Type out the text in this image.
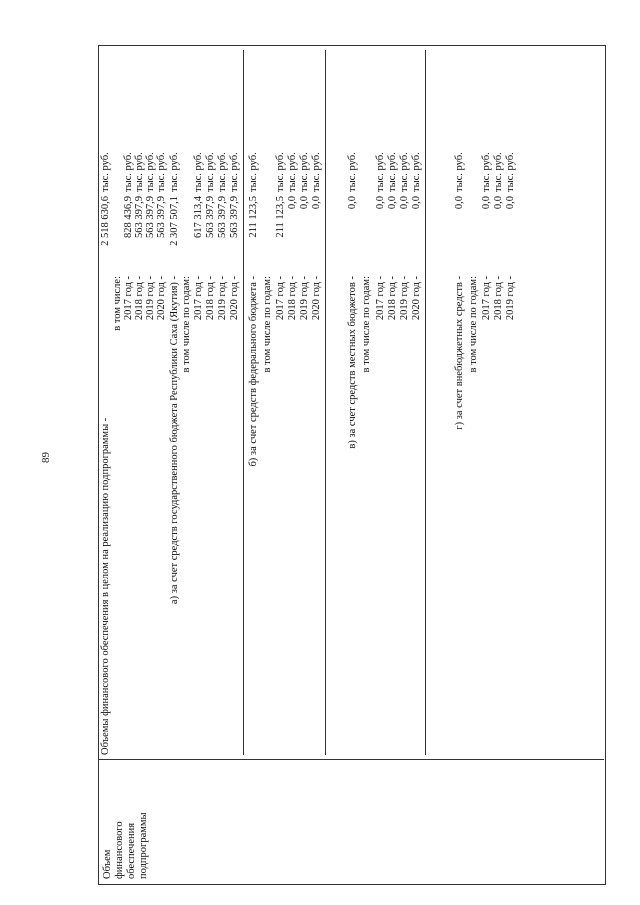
89
Объем финансового обеспечения подпрограммы
Объемы финансового обеспечения в целом на реализацию подпрограммы -
2 518 630,6
тыс. руб.
в том числе: 2017 год -
828 436,9
тыс. руб.
2018 год -
563 397,9
тыс. руб.
2019 год -
563 397,9
тыс. руб.
2020 год -
563 397,9
тыс. руб.
а) за счет средств государственного бюджета Республики Саха (Якутия) -
2 307 507,1
тыс. руб.
в том числе по годам: 2017 год -
617 313,4
тыс. руб.
2018 год -
563 397,9
тыс. руб.
2019 год -
563 397,9
тыс. руб.
2020 год -
563 397,9
тыс. руб.
б) за счет средств федерального бюджета -
211 123,5
тыс. руб.
в том числе по годам: 2017 год -
211 123,5
тыс. руб.
2018 год -
0,0
тыс. руб.
2019 год -
0,0
тыс. руб.
2020 год -
0,0
тыс. руб.
в) за счет средств местных бюджетов -
0,0
тыс. руб.
в том числе по годам: 2017 год -
0,0
тыс. руб.
2018 год -
0,0
тыс. руб.
2019 год -
0,0
тыс. руб.
2020 год -
0,0
тыс. руб.
г) за счет внебюджетных средств -
0,0
тыс. руб.
в том числе по годам: 2017 год -
0,0
тыс. руб.
2018 год -
0,0
тыс. руб.
2019 год -
0,0
тыс. руб.
